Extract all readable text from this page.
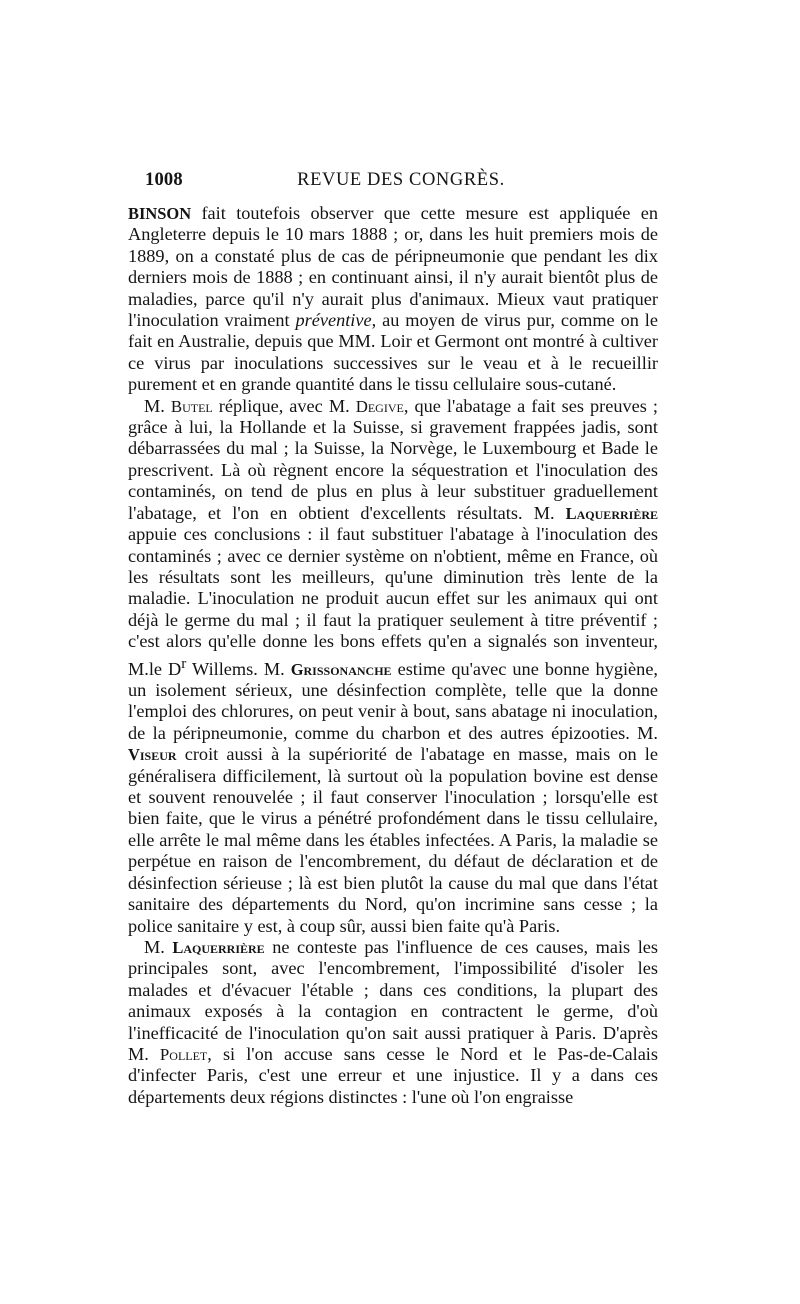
1008	REVUE DES CONGRÈS.

BINSON fait toutefois observer que cette mesure est appliquée en Angleterre depuis le 10 mars 1888 ; or, dans les huit premiers mois de 1889, on a constaté plus de cas de péripneumonie que pendant les dix derniers mois de 1888 ; en continuant ainsi, il n'y aurait bientôt plus de maladies, parce qu'il n'y aurait plus d'animaux. Mieux vaut pratiquer l'inoculation vraiment préventive, au moyen de virus pur, comme on le fait en Australie, depuis que MM. Loir et Germont ont montré à cultiver ce virus par inoculations successives sur le veau et à le recueillir purement et en grande quantité dans le tissu cellulaire sous-cutané.

M. Butel réplique, avec M. Degive, que l'abatage a fait ses preuves ; grâce à lui, la Hollande et la Suisse, si gravement frappées jadis, sont débarrassées du mal ; la Suisse, la Norvège, le Luxembourg et Bade le prescrivent. Là où règnent encore la séquestration et l'inoculation des contaminés, on tend de plus en plus à leur substituer graduellement l'abatage, et l'on en obtient d'excellents résultats. M. Laquerrière appuie ces conclusions : il faut substituer l'abatage à l'inoculation des contaminés ; avec ce dernier système on n'obtient, même en France, où les résultats sont les meilleurs, qu'une diminution très lente de la maladie. L'inoculation ne produit aucun effet sur les animaux qui ont déjà le germe du mal ; il faut la pratiquer seulement à titre préventif ; c'est alors qu'elle donne les bons effets qu'en a signalés son inventeur, M.le $D^r$ Willems. M. Grissonanche estime qu'avec une bonne hygiène, un isolement sérieux, une désinfection complète, telle que la donne l'emploi des chlorures, on peut venir à bout, sans abatage ni inoculation, de la péripneumonie, comme du charbon et des autres épizooties. M. Viseur croit aussi à la supériorité de l'abatage en masse, mais on le généralisera difficilement, là surtout où la population bovine est dense et souvent renouvelée ; il faut conserver l'inoculation ; lorsqu'elle est bien faite, que le virus a pénétré profondément dans le tissu cellulaire, elle arrête le mal même dans les étables infectées. A Paris, la maladie se perpétue en raison de l'encombrement, du défaut de déclaration et de désinfection sérieuse ; là est bien plutôt la cause du mal que dans l'état sanitaire des départements du Nord, qu'on incrimine sans cesse ; la police sanitaire y est, à coup sûr, aussi bien faite qu'à Paris.

M. Laquerrière ne conteste pas l'influence de ces causes, mais les principales sont, avec l'encombrement, l'impossibilité d'isoler les malades et d'évacuer l'étable ; dans ces conditions, la plupart des animaux exposés à la contagion en contractent le germe, d'où l'inefficacité de l'inoculation qu'on sait aussi pratiquer à Paris. D'après M. Pollet, si l'on accuse sans cesse le Nord et le Pas-de-Calais d'infecter Paris, c'est une erreur et une injustice. Il y a dans ces départements deux régions distinctes : l'une où l'on engraisse
